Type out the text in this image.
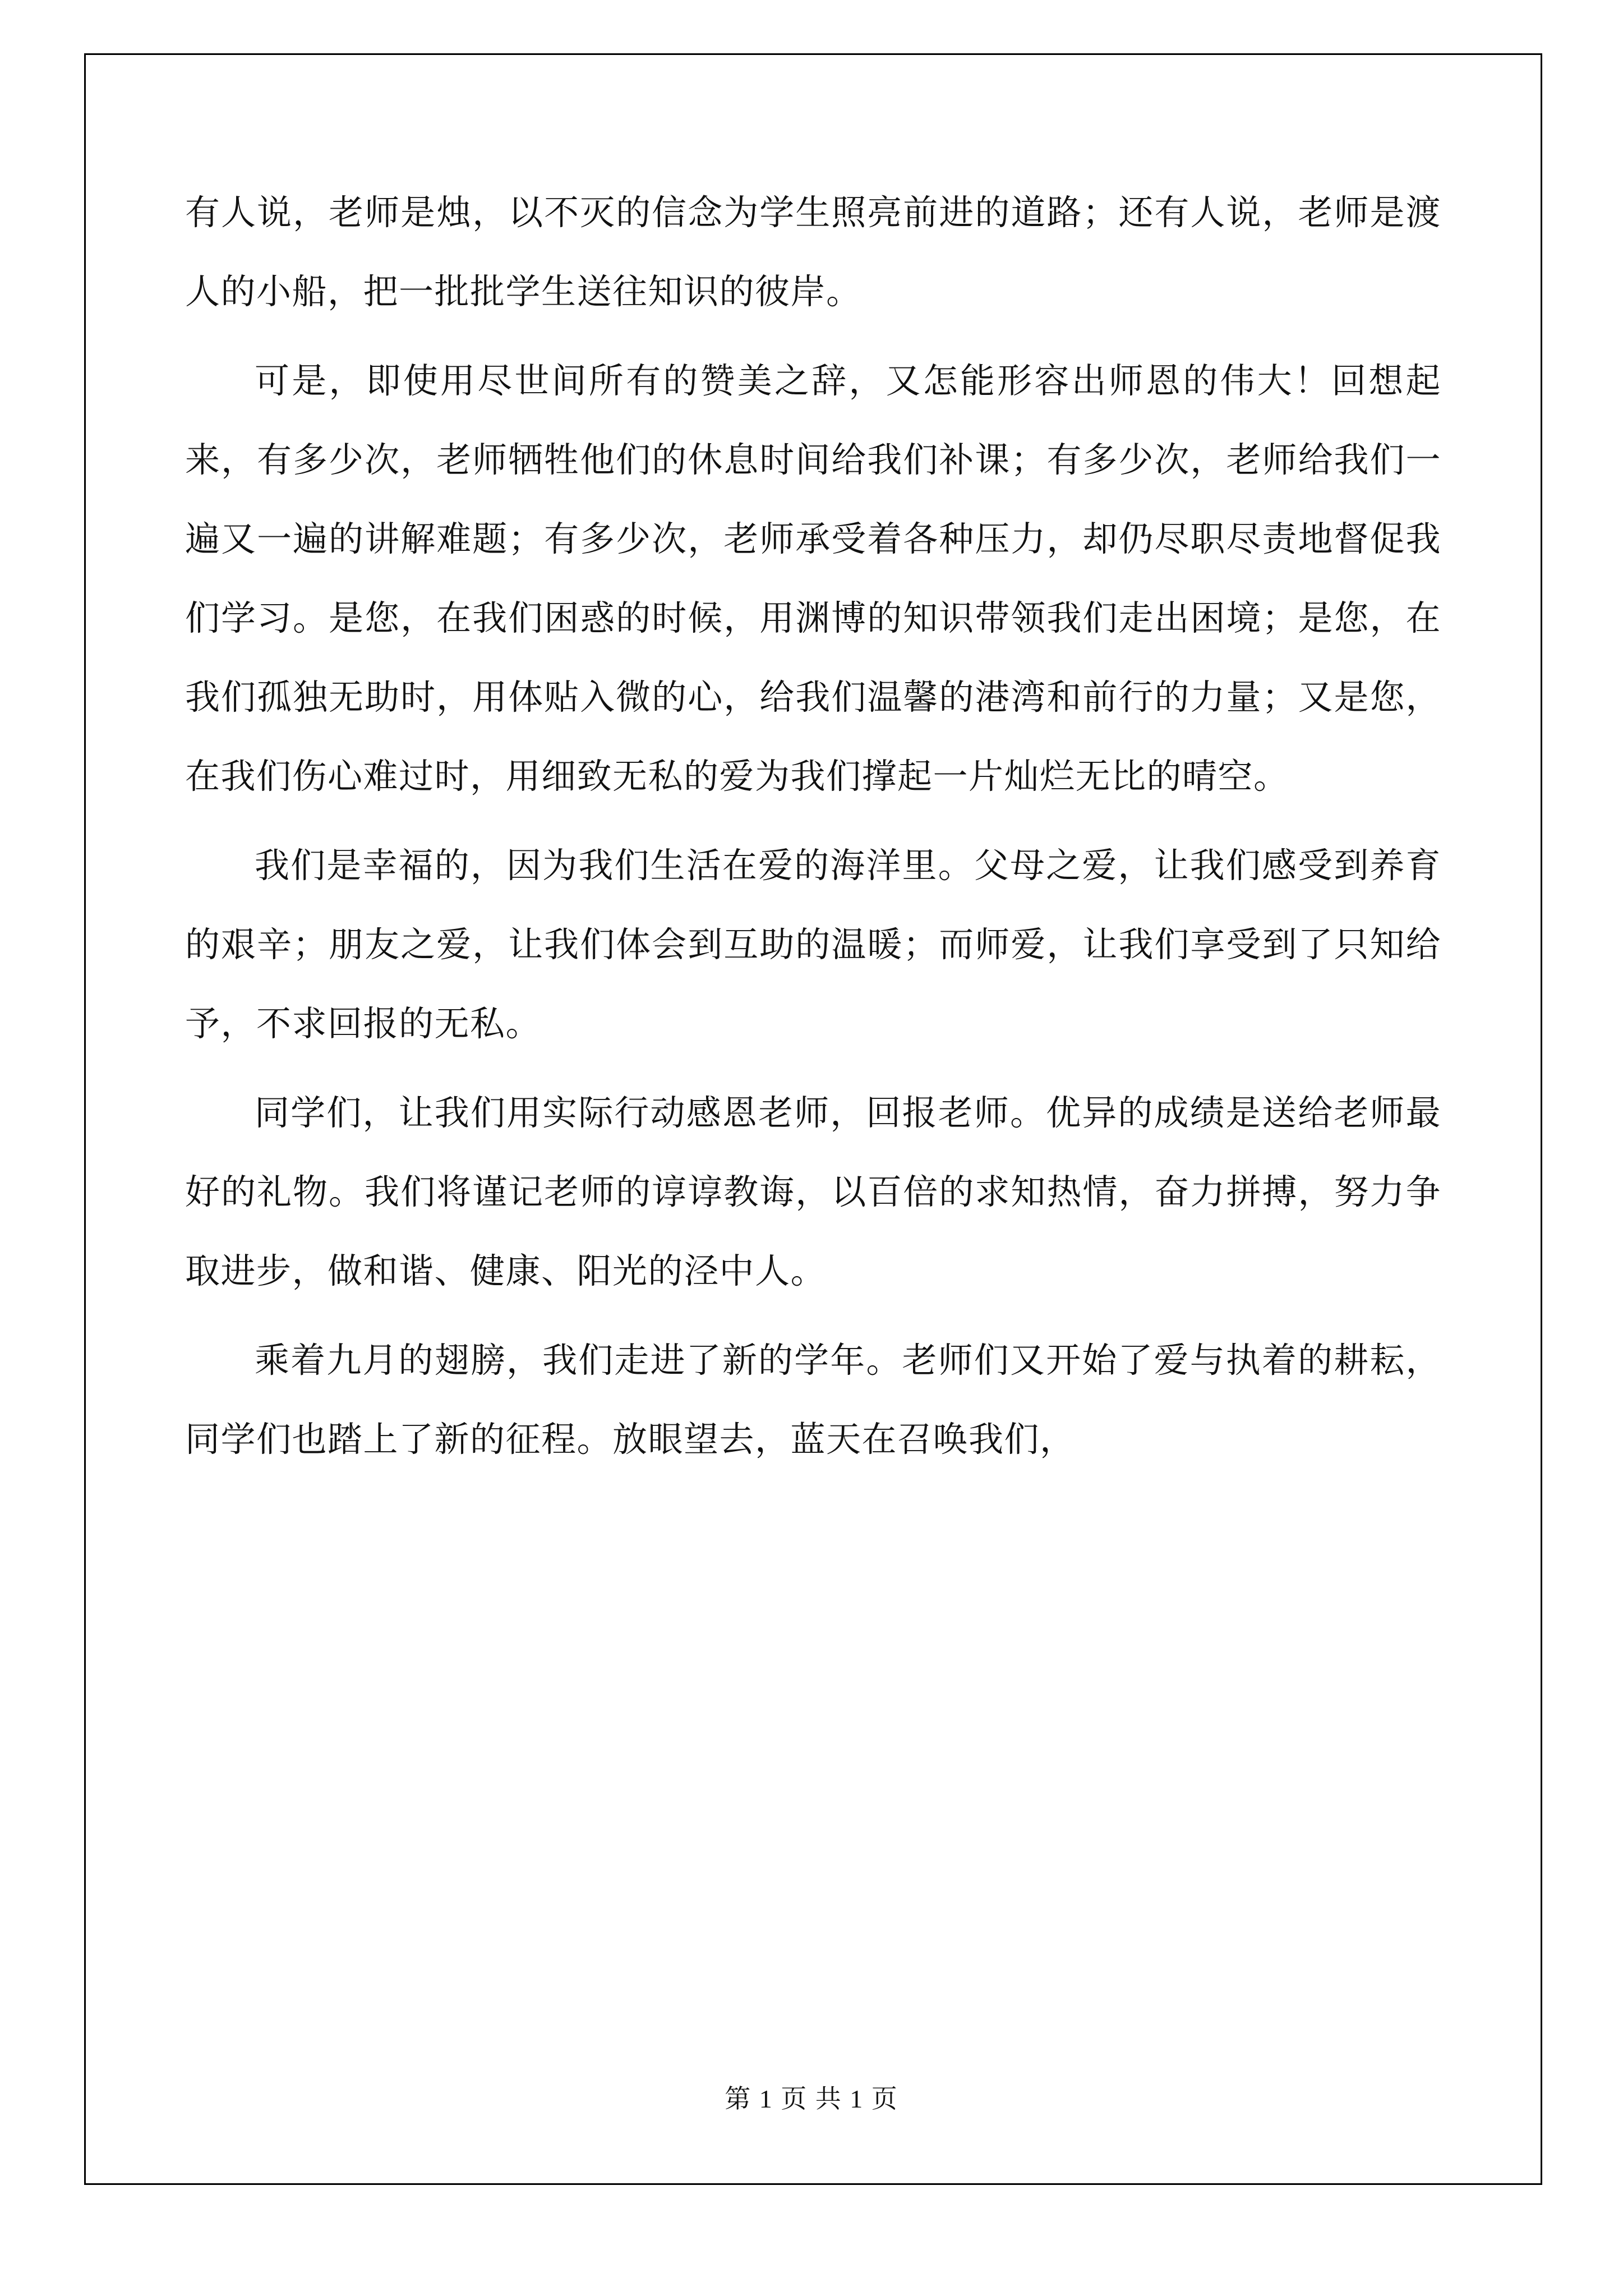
有人说，老师是烛，以不灭的信念为学生照亮前进的道路；还有人说，老师是渡人的小船，把一批批学生送往知识的彼岸。

可是，即使用尽世间所有的赞美之辞，又怎能形容出师恩的伟大！回想起来，有多少次，老师牺牲他们的休息时间给我们补课；有多少次，老师给我们一遍又一遍的讲解难题；有多少次，老师承受着各种压力，却仍尽职尽责地督促我们学习。是您，在我们困惑的时候，用渊博的知识带领我们走出困境；是您，在我们孤独无助时，用体贴入微的心，给我们温馨的港湾和前行的力量；又是您，在我们伤心难过时，用细致无私的爱为我们撑起一片灿烂无比的晴空。

我们是幸福的，因为我们生活在爱的海洋里。父母之爱，让我们感受到养育的艰辛；朋友之爱，让我们体会到互助的温暖；而师爱，让我们享受到了只知给予，不求回报的无私。

同学们，让我们用实际行动感恩老师，回报老师。优异的成绩是送给老师最好的礼物。我们将谨记老师的谆谆教诲，以百倍的求知热情，奋力拼搏，努力争取进步，做和谐、健康、阳光的泾中人。

乘着九月的翅膀，我们走进了新的学年。老师们又开始了爱与执着的耕耘，同学们也踏上了新的征程。放眼望去，蓝天在召唤我们，

第 1 页 共 1 页
